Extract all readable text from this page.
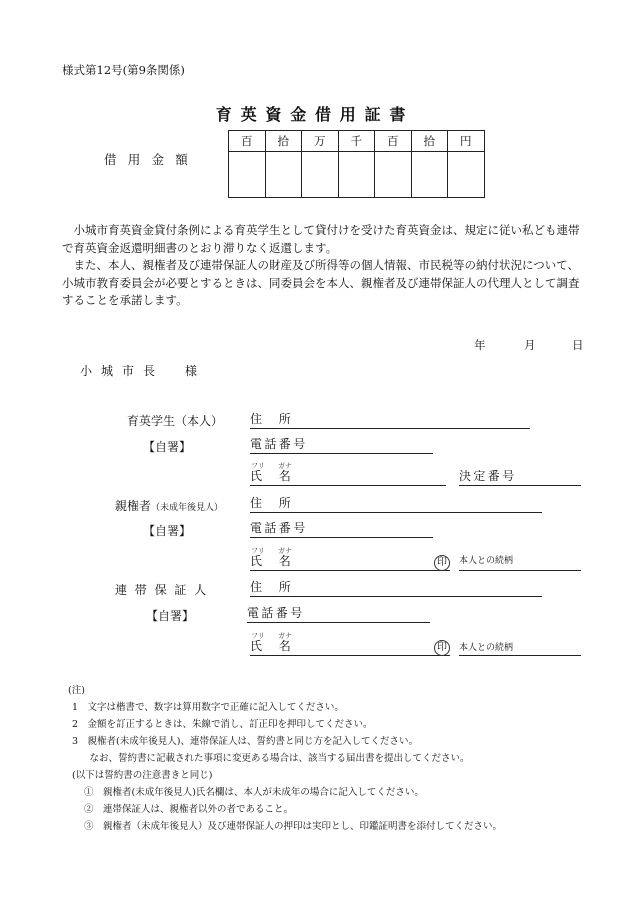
様式第12号(第9条関係)
育英資金借用証書
借用金額
百	拾	万	千	百	拾	円

小城市育英資金貸付条例による育英学生として貸付けを受けた育英資金は、規定に従い私ども連帯で育英資金返還明細書のとおり滞りなく返還します。
また、本人、親権者及び連帯保証人の財産及び所得等の個人情報、市民税等の納付状況について、小城市教育委員会が必要とするときは、同委員会を本人、親権者及び連帯保証人の代理人として調査することを承諾します。
年	月	日
小城市長　様
育英学生（本人）
【自署】
住　所
電話番号
フリ ガナ
氏　名	決定番号
親権者（未成年後見人）
【自署】
住　所
電話番号
フリ ガナ
氏　名	印	本人との続柄
連帯保証人
【自署】
住　所
電話番号
フリ ガナ
氏　名	印	本人との続柄
(注)
1　文字は楷書で、数字は算用数字で正確に記入してください。
2　金額を訂正するときは、朱線で消し、訂正印を押印してください。
3　親権者(未成年後見人)、連帯保証人は、誓約書と同じ方を記入してください。
　なお、誓約書に記載された事項に変更ある場合は、該当する届出書を提出してください。
(以下は誓約書の注意書きと同じ)
①　親権者(未成年後見人)氏名欄は、本人が未成年の場合に記入してください。
②　連帯保証人は、親権者以外の者であること。
③　親権者（未成年後見人）及び連帯保証人の押印は実印とし、印鑑証明書を添付してください。
